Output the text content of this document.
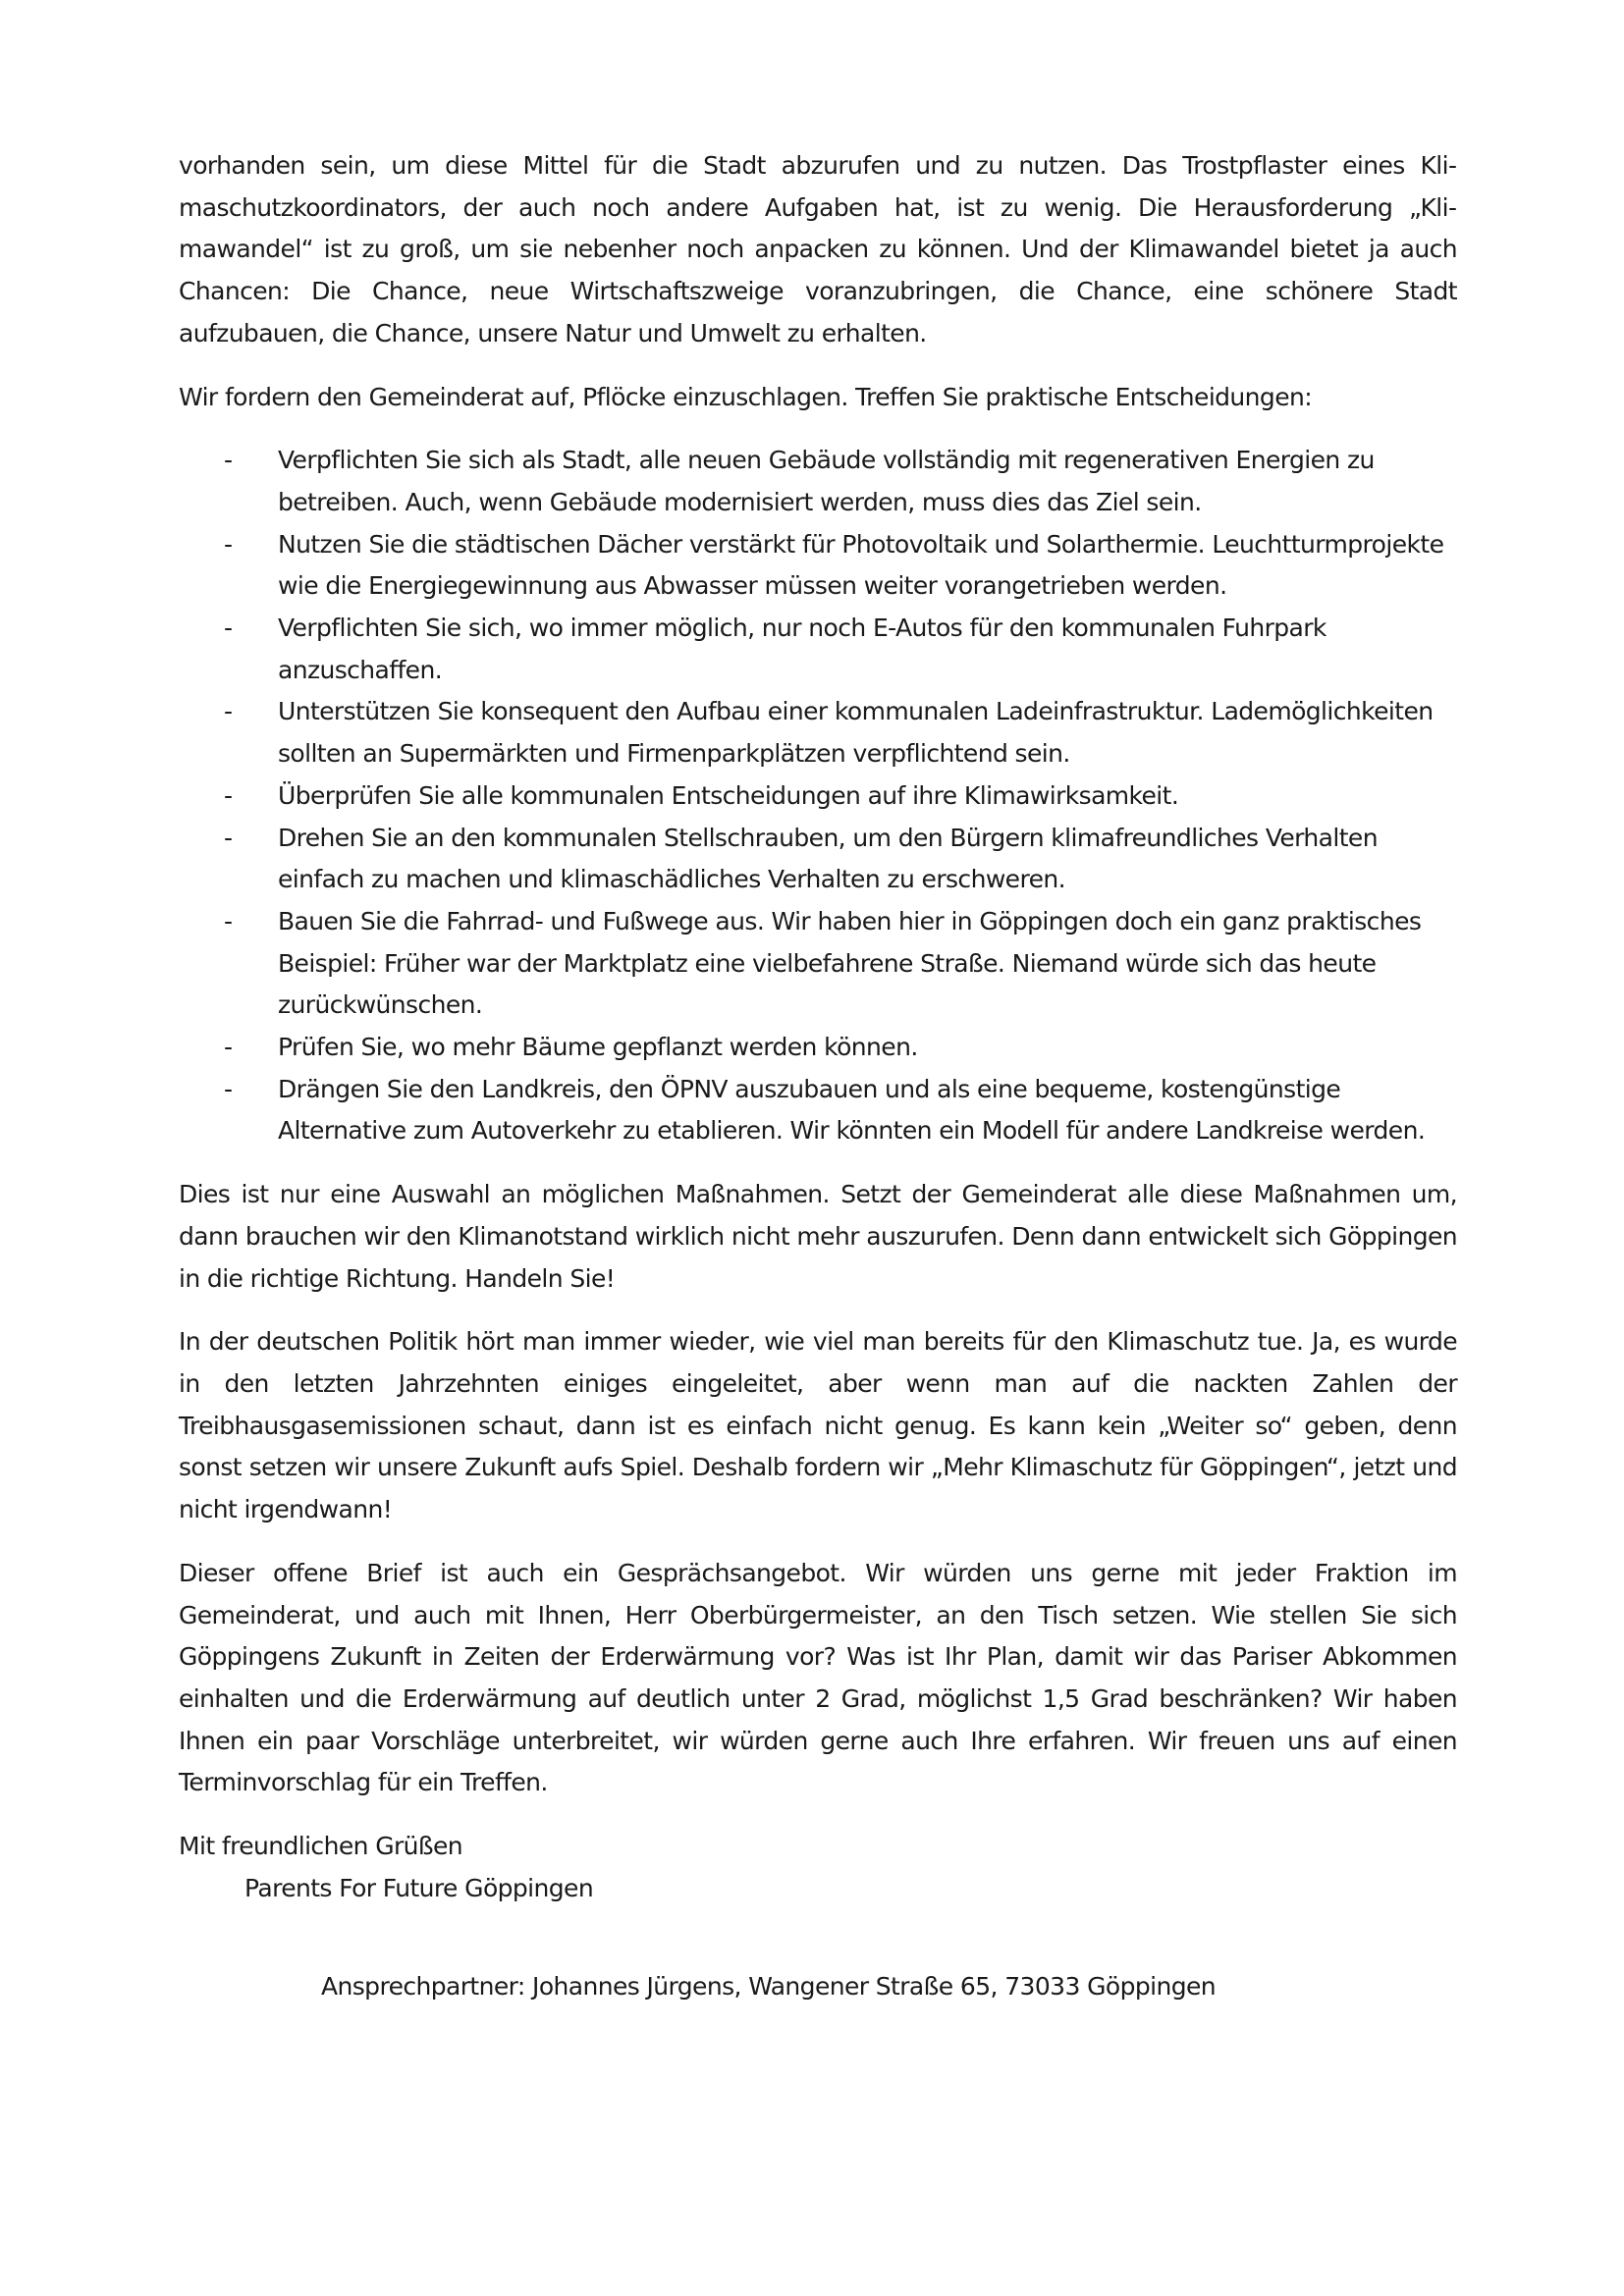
vorhanden sein, um diese Mittel für die Stadt abzurufen und zu nutzen. Das Trostpflaster eines Klimaschutzkoordinators, der auch noch andere Aufgaben hat, ist zu wenig. Die Herausforderung „Klimawandel“ ist zu groß, um sie nebenher noch anpacken zu können. Und der Klimawandel bietet ja auch Chancen: Die Chance, neue Wirtschaftszweige voranzubringen, die Chance, eine schönere Stadt aufzubauen, die Chance, unsere Natur und Umwelt zu erhalten.

Wir fordern den Gemeinderat auf, Pflöcke einzuschlagen. Treffen Sie praktische Entscheidungen:

- Verpflichten Sie sich als Stadt, alle neuen Gebäude vollständig mit regenerativen Energien zu betreiben. Auch, wenn Gebäude modernisiert werden, muss dies das Ziel sein.
- Nutzen Sie die städtischen Dächer verstärkt für Photovoltaik und Solarthermie. Leuchtturmprojekte wie die Energiegewinnung aus Abwasser müssen weiter vorangetrieben werden.
- Verpflichten Sie sich, wo immer möglich, nur noch E-Autos für den kommunalen Fuhrpark anzuschaffen.
- Unterstützen Sie konsequent den Aufbau einer kommunalen Ladeinfrastruktur. Lademöglichkeiten sollten an Supermärkten und Firmenparkplätzen verpflichtend sein.
- Überprüfen Sie alle kommunalen Entscheidungen auf ihre Klimawirksamkeit.
- Drehen Sie an den kommunalen Stellschrauben, um den Bürgern klimafreundliches Verhalten einfach zu machen und klimaschädliches Verhalten zu erschweren.
- Bauen Sie die Fahrrad- und Fußwege aus. Wir haben hier in Göppingen doch ein ganz praktisches Beispiel: Früher war der Marktplatz eine vielbefahrene Straße. Niemand würde sich das heute zurückwünschen.
- Prüfen Sie, wo mehr Bäume gepflanzt werden können.
- Drängen Sie den Landkreis, den ÖPNV auszubauen und als eine bequeme, kostengünstige Alternative zum Autoverkehr zu etablieren. Wir könnten ein Modell für andere Landkreise werden.

Dies ist nur eine Auswahl an möglichen Maßnahmen. Setzt der Gemeinderat alle diese Maßnahmen um, dann brauchen wir den Klimanotstand wirklich nicht mehr auszurufen. Denn dann entwickelt sich Göppingen in die richtige Richtung. Handeln Sie!

In der deutschen Politik hört man immer wieder, wie viel man bereits für den Klimaschutz tue. Ja, es wurde in den letzten Jahrzehnten einiges eingeleitet, aber wenn man auf die nackten Zahlen der Treibhausgasemissionen schaut, dann ist es einfach nicht genug. Es kann kein „Weiter so“ geben, denn sonst setzen wir unsere Zukunft aufs Spiel. Deshalb fordern wir „Mehr Klimaschutz für Göppingen“, jetzt und nicht irgendwann!

Dieser offene Brief ist auch ein Gesprächsangebot. Wir würden uns gerne mit jeder Fraktion im Gemeinderat, und auch mit Ihnen, Herr Oberbürgermeister, an den Tisch setzen. Wie stellen Sie sich Göppingens Zukunft in Zeiten der Erderwärmung vor? Was ist Ihr Plan, damit wir das Pariser Abkommen einhalten und die Erderwärmung auf deutlich unter 2 Grad, möglichst 1,5 Grad beschränken? Wir haben Ihnen ein paar Vorschläge unterbreitet, wir würden gerne auch Ihre erfahren. Wir freuen uns auf einen Terminvorschlag für ein Treffen.

Mit freundlichen Grüßen

Parents For Future Göppingen

Ansprechpartner: Johannes Jürgens, Wangener Straße 65, 73033 Göppingen
